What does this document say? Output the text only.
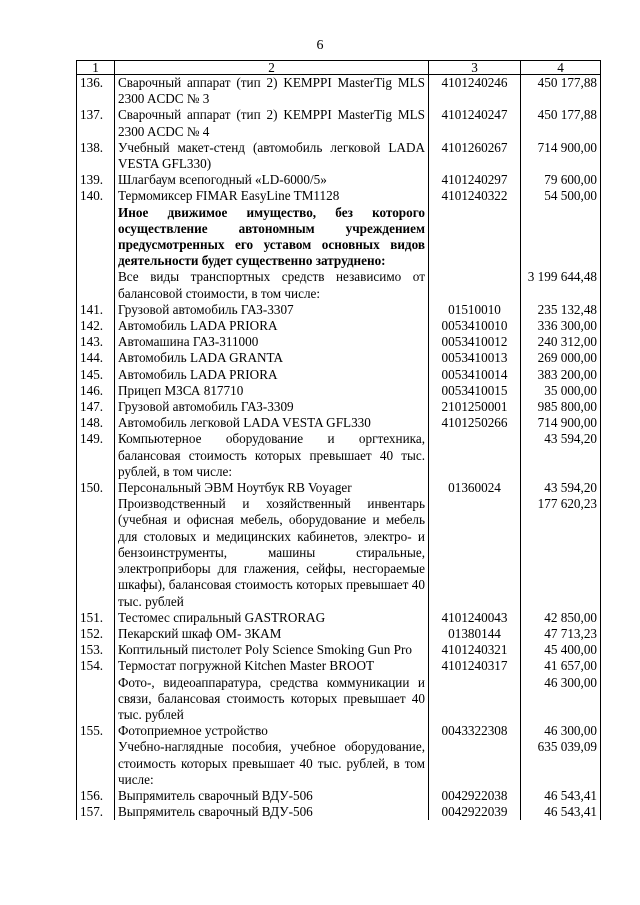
6
1	2	3	4
136.	Сварочный аппарат (тип 2) KEMPPI MasterTig MLS 2300 ACDC № 3	4101240246	450 177,88
137.	Сварочный аппарат (тип 2) KEMPPI MasterTig MLS 2300 ACDC № 4	4101240247	450 177,88
138.	Учебный макет-стенд (автомобиль легковой LADA VESTA GFL330)	4101260267	714 900,00
139.	Шлагбаум всепогодный «LD-6000/5»	4101240297	79 600,00
140.	Термомиксер FIMAR EasyLine TM1128	4101240322	54 500,00
	Иное движимое имущество, без которого осуществление автономным учреждением предусмотренных его уставом основных видов деятельности будет существенно затруднено:		
	Все виды транспортных средств независимо от балансовой стоимости, в том числе:		3 199 644,48
141.	Грузовой автомобиль ГАЗ-3307	01510010	235 132,48
142.	Автомобиль LADA PRIORA	0053410010	336 300,00
143.	Автомашина ГАЗ-311000	0053410012	240 312,00
144.	Автомобиль LADA GRANTA	0053410013	269 000,00
145.	Автомобиль LADA PRIORA	0053410014	383 200,00
146.	Прицеп МЗСА 817710	0053410015	35 000,00
147.	Грузовой автомобиль ГАЗ-3309	2101250001	985 800,00
148.	Автомобиль легковой LADA VESTA GFL330	4101250266	714 900,00
149.	Компьютерное оборудование и оргтехника, балансовая стоимость которых превышает 40 тыс. рублей, в том числе:		43 594,20
150.	Персональный ЭВМ Ноутбук RB Voyager	01360024	43 594,20
	Производственный и хозяйственный инвентарь (учебная и офисная мебель, оборудование и мебель для столовых и медицинских кабинетов, электро- и бензоинструменты, машины стиральные, электроприборы для глажения, сейфы, несгораемые шкафы), балансовая стоимость которых превышает 40 тыс. рублей		177 620,23
151.	Тестомес спиральный GASTRORAG	4101240043	42 850,00
152.	Пекарский шкаф ОМ- 3КАМ	01380144	47 713,23
153.	Коптильный пистолет Poly Science Smoking Gun Pro	4101240321	45 400,00
154.	Термостат погружной Kitchen Master BROOT	4101240317	41 657,00
	Фото-, видеоаппаратура, средства коммуникации и связи, балансовая стоимость которых превышает 40 тыс. рублей		46 300,00
155.	Фотоприемное устройство	0043322308	46 300,00
	Учебно-наглядные пособия, учебное оборудование, стоимость которых превышает 40 тыс. рублей, в том числе:		635 039,09
156.	Выпрямитель сварочный ВДУ-506	0042922038	46 543,41
157.	Выпрямитель сварочный ВДУ-506	0042922039	46 543,41
